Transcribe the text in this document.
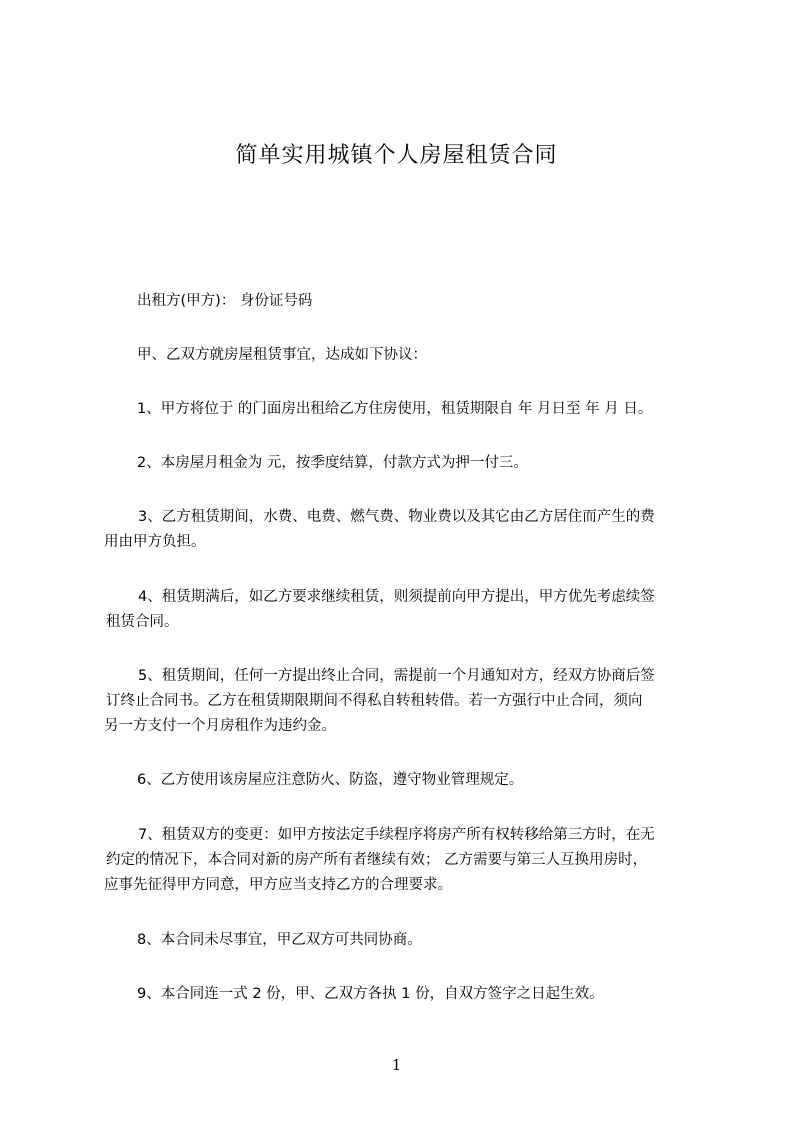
简单实用城镇个人房屋租赁合同

出租方(甲方)： 身份证号码

甲、乙双方就房屋租赁事宜，达成如下协议：

1、甲方将位于 的门面房出租给乙方住房使用，租赁期限自 年 月日至 年 月 日。
2、本房屋月租金为 元，按季度结算，付款方式为押一付三。
3、乙方租赁期间，水费、电费、燃气费、物业费以及其它由乙方居住而产生的费
用由甲方负担。
4、租赁期满后，如乙方要求继续租赁，则须提前向甲方提出，甲方优先考虑续签
租赁合同。
5、租赁期间，任何一方提出终止合同，需提前一个月通知对方，经双方协商后签
订终止合同书。乙方在租赁期限期间不得私自转租转借。若一方强行中止合同，须向
另一方支付一个月房租作为违约金。
6、乙方使用该房屋应注意防火、防盗，遵守物业管理规定。
7、租赁双方的变更：如甲方按法定手续程序将房产所有权转移给第三方时，在无
约定的情况下，本合同对新的房产所有者继续有效； 乙方需要与第三人互换用房时，
应事先征得甲方同意，甲方应当支持乙方的合理要求。
8、本合同未尽事宜，甲乙双方可共同协商。
9、本合同连一式 2 份，甲、乙双方各执 1 份，自双方签字之日起生效。
1
